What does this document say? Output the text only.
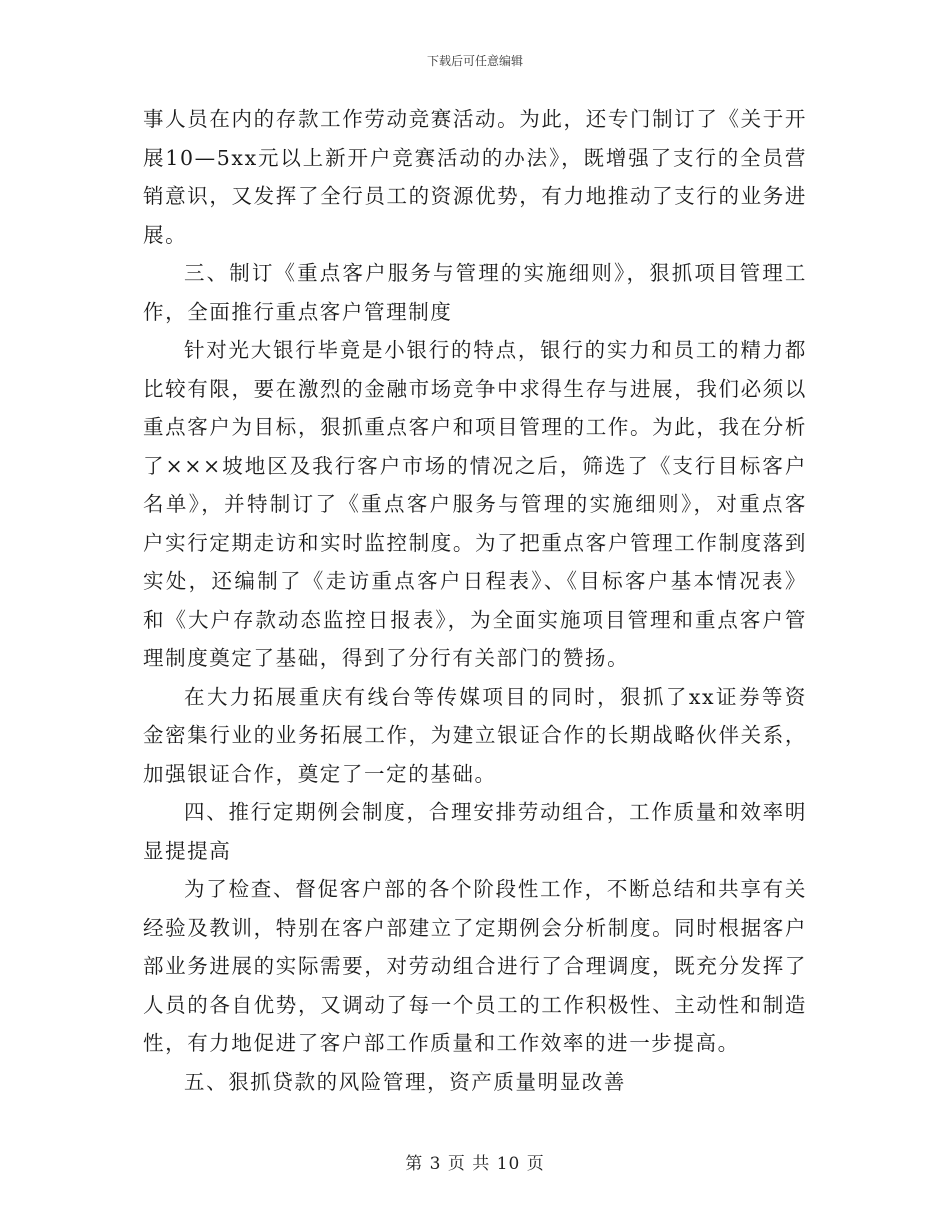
下载后可任意编辑

事人员在内的存款工作劳动竞赛活动。为此，还专门制订了《关于开展10—5xx元以上新开户竞赛活动的办法》，既增强了支行的全员营销意识，又发挥了全行员工的资源优势，有力地推动了支行的业务进展。

三、制订《重点客户服务与管理的实施细则》，狠抓项目管理工作，全面推行重点客户管理制度

针对光大银行毕竟是小银行的特点，银行的实力和员工的精力都比较有限，要在激烈的金融市场竞争中求得生存与进展，我们必须以重点客户为目标，狠抓重点客户和项目管理的工作。为此，我在分析了×××坡地区及我行客户市场的情况之后，筛选了《支行目标客户名单》，并特制订了《重点客户服务与管理的实施细则》，对重点客户实行定期走访和实时监控制度。为了把重点客户管理工作制度落到实处，还编制了《走访重点客户日程表》、《目标客户基本情况表》和《大户存款动态监控日报表》，为全面实施项目管理和重点客户管理制度奠定了基础，得到了分行有关部门的赞扬。

在大力拓展重庆有线台等传媒项目的同时，狠抓了xx证券等资金密集行业的业务拓展工作，为建立银证合作的长期战略伙伴关系，加强银证合作，奠定了一定的基础。

四、推行定期例会制度，合理安排劳动组合，工作质量和效率明显提提高

为了检查、督促客户部的各个阶段性工作，不断总结和共享有关经验及教训，特别在客户部建立了定期例会分析制度。同时根据客户部业务进展的实际需要，对劳动组合进行了合理调度，既充分发挥了人员的各自优势，又调动了每一个员工的工作积极性、主动性和制造性，有力地促进了客户部工作质量和工作效率的进一步提高。

五、狠抓贷款的风险管理，资产质量明显改善

第 3 页 共 10 页
